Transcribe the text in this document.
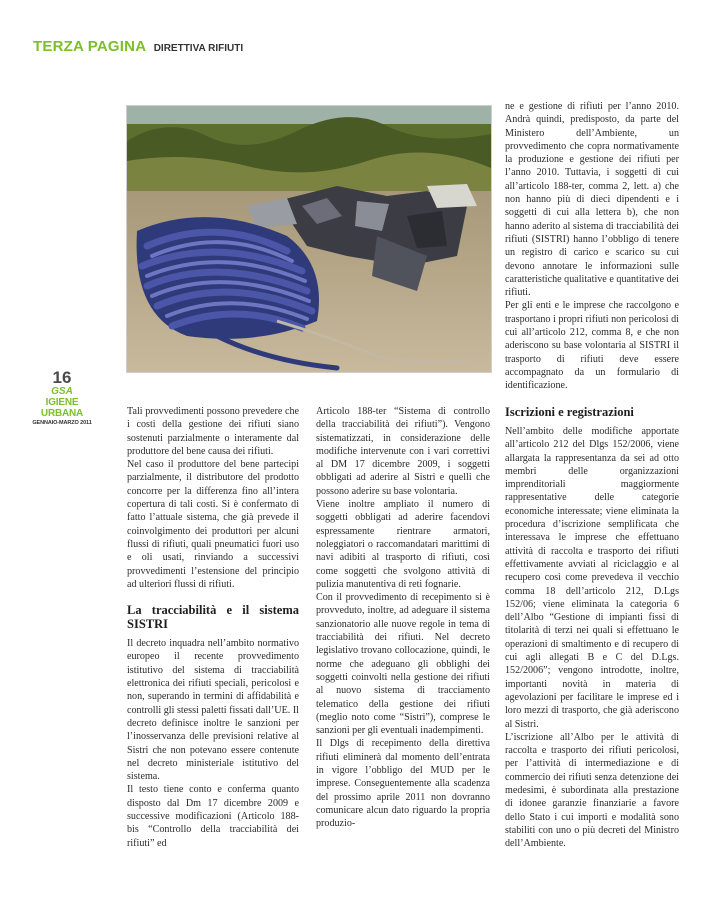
TERZA PAGINA DIRETTIVA RIFIUTI
16
GSA
IGIENE URBANA
GENNAIO-MARZO 2011

Tali provvedimenti possono prevedere che i costi della gestione dei rifiuti siano sostenuti parzialmente o interamente dal produttore del bene causa dei rifiuti.

Nel caso il produttore del bene partecipi parzialmente, il distributore del prodotto concorre per la differenza fino all’intera copertura di tali costi. Si è confermato di fatto l’attuale sistema, che già prevede il coinvolgimento dei produttori per alcuni flussi di rifiuti, quali pneumatici fuori uso e oli usati, rinviando a successivi provvedimenti l’estensione del principio ad ulteriori flussi di rifiuti.

La tracciabilità e il sistema SISTRI

Il decreto inquadra nell’ambito normativo europeo il recente provvedimento istitutivo del sistema di tracciabilità elettronica dei rifiuti speciali, pericolosi e non, superando in termini di affidabilità e controlli gli stessi paletti fissati dall’UE. Il decreto definisce inoltre le sanzioni per l’inosservanza delle previsioni relative al Sistri che non potevano essere contenute nel decreto ministeriale istitutivo del sistema.

Il testo tiene conto e conferma quanto disposto dal Dm 17 dicembre 2009 e successive modificazioni (Articolo 188-bis “Controllo della tracciabilità dei rifiuti” ed

Articolo 188-ter “Sistema di controllo della tracciabilità dei rifiuti”). Vengono sistematizzati, in considerazione delle modifiche intervenute con i vari correttivi al DM 17 dicembre 2009, i soggetti obbligati ad aderire al Sistri e quelli che possono aderire su base volontaria.

Viene inoltre ampliato il numero di soggetti obbligati ad aderire facendovi espressamente rientrare armatori, noleggiatori o raccomandatari marittimi di navi adibiti al trasporto di rifiuti, così come soggetti che svolgono attività di pulizia manutentiva di reti fognarie.

Con il provvedimento di recepimento si è provveduto, inoltre, ad adeguare il sistema sanzionatorio alle nuove regole in tema di tracciabilità dei rifiuti. Nel decreto legislativo trovano collocazione, quindi, le norme che adeguano gli obblighi dei soggetti coinvolti nella gestione dei rifiuti al nuovo sistema di tracciamento telematico della gestione dei rifiuti (meglio noto come “Sistri”), comprese le sanzioni per gli eventuali inadempimenti.

Il Dlgs di recepimento della direttiva rifiuti eliminerà dal momento dell’entrata in vigore l’obbligo del MUD per le imprese. Conseguentemente alla scadenza del prossimo aprile 2011 non dovranno comunicare alcun dato riguardo la propria produzio-

ne e gestione di rifiuti per l’anno 2010. Andrà quindi, predisposto, da parte del Ministero dell’Ambiente, un provvedimento che copra normativamente la produzione e gestione dei rifiuti per l’anno 2010. Tuttavia, i soggetti di cui all’articolo 188-ter, comma 2, lett. a) che non hanno più di dieci dipendenti e i soggetti di cui alla lettera b), che non hanno aderito al sistema di tracciabilità dei rifiuti (SISTRI) hanno l’obbligo di tenere un registro di carico e scarico su cui devono annotare le informazioni sulle caratteristiche qualitative e quantitative dei rifiuti.

Per gli enti e le imprese che raccolgono e trasportano i propri rifiuti non pericolosi di cui all’articolo 212, comma 8, e che non aderiscono su base volontaria al SISTRI il trasporto di rifiuti deve essere accompagnato da un formulario di identificazione.

Iscrizioni e registrazioni

Nell’ambito delle modifiche apportate all’articolo 212 del Dlgs 152/2006, viene allargata la rappresentanza da sei ad otto membri delle organizzazioni imprenditoriali maggiormente rappresentative delle categorie economiche interessate; viene eliminata la procedura d’iscrizione semplificata che interessava le imprese che effettuano attività di raccolta e trasporto dei rifiuti effettivamente avviati al riciclaggio e al recupero così come prevedeva il vecchio comma 18 dell’articolo 212, D.Lgs 152/06; viene eliminata la categoria 6 dell’Albo “Gestione di impianti fissi di titolarità di terzi nei quali si effettuano le operazioni di smaltimento e di recupero di cui agli allegati B e C del D.Lgs. 152/2006”; vengono introdotte, inoltre, importanti novità in materia di agevolazioni per facilitare le imprese ed i loro mezzi di trasporto, che già aderiscono al Sistri.

L’iscrizione all’Albo per le attività di raccolta e trasporto dei rifiuti pericolosi, per l’attività di intermediazione e di commercio dei rifiuti senza detenzione dei medesimi, è subordinata alla prestazione di idonee garanzie finanziarie a favore dello Stato i cui importi e modalità sono stabiliti con uno o più decreti del Ministro dell’Ambiente.
